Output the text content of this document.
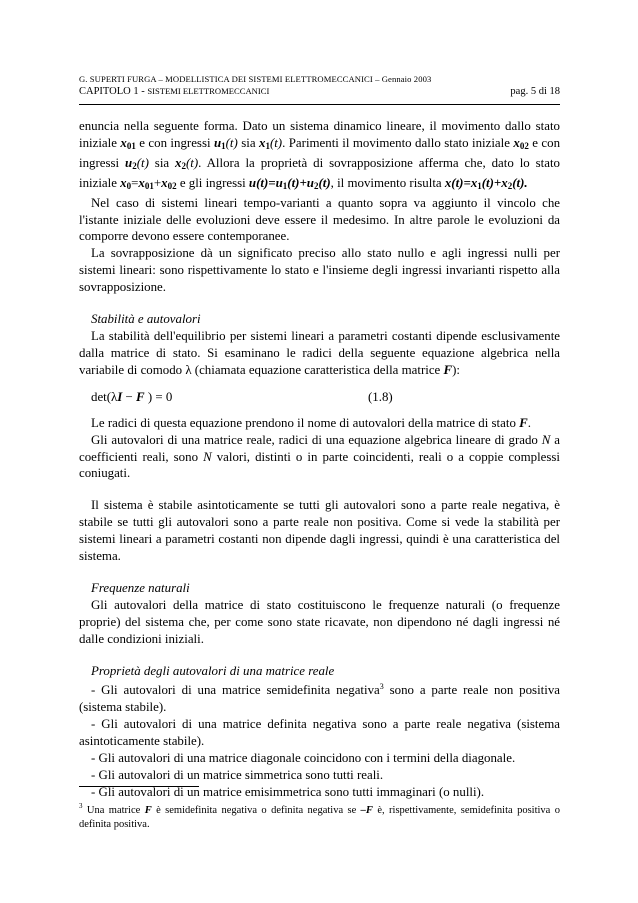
G. SUPERTI FURGA – MODELLISTICA DEI SISTEMI ELETTROMECCANICI – Gennaio 2003
CAPITOLO 1 - SISTEMI ELETTROMECCANICI	pag. 5 di 18

enuncia nella seguente forma. Dato un sistema dinamico lineare, il movimento dallo stato iniziale $x_{01}$ e con ingressi $u_1(t)$ sia $x_1(t)$. Parimenti il movimento dallo stato iniziale $x_{02}$ e con ingressi $u_2(t)$ sia $x_2(t)$. Allora la proprietà di sovrapposizione afferma che, dato lo stato iniziale $x_0=x_{01}+x_{02}$ e gli ingressi $u(t)=u_1(t)+u_2(t)$, il movimento risulta $x(t)=x_1(t)+x_2(t)$.

Nel caso di sistemi lineari tempo-varianti a quanto sopra va aggiunto il vincolo che l'istante iniziale delle evoluzioni deve essere il medesimo. In altre parole le evoluzioni da comporre devono essere contemporanee.

La sovrapposizione dà un significato preciso allo stato nullo e agli ingressi nulli per sistemi lineari: sono rispettivamente lo stato e l'insieme degli ingressi invarianti rispetto alla sovrapposizione.

Stabilità e autovalori

La stabilità dell'equilibrio per sistemi lineari a parametri costanti dipende esclusivamente dalla matrice di stato. Si esaminano le radici della seguente equazione algebrica nella variabile di comodo λ (chiamata equazione caratteristica della matrice F):

det(λI − F ) = 0	(1.8)

Le radici di questa equazione prendono il nome di autovalori della matrice di stato F.

Gli autovalori di una matrice reale, radici di una equazione algebrica lineare di grado N a coefficienti reali, sono N valori, distinti o in parte coincidenti, reali o a coppie complessi coniugati.

Il sistema è stabile asintoticamente se tutti gli autovalori sono a parte reale negativa, è stabile se tutti gli autovalori sono a parte reale non positiva. Come si vede la stabilità per sistemi lineari a parametri costanti non dipende dagli ingressi, quindi è una caratteristica del sistema.

Frequenze naturali

Gli autovalori della matrice di stato costituiscono le frequenze naturali (o frequenze proprie) del sistema che, per come sono state ricavate, non dipendono né dagli ingressi né dalle condizioni iniziali.

Proprietà degli autovalori di una matrice reale

- Gli autovalori di una matrice semidefinita negativa$^3$ sono a parte reale non positiva (sistema stabile).

- Gli autovalori di una matrice definita negativa sono a parte reale negativa (sistema asintoticamente stabile).

- Gli autovalori di una matrice diagonale coincidono con i termini della diagonale.

- Gli autovalori di un matrice simmetrica sono tutti reali.

- Gli autovalori di un matrice emisimmetrica sono tutti immaginari (o nulli).

$^3$ Una matrice F è semidefinita negativa o definita negativa se –F è, rispettivamente, semidefinita positiva o definita positiva.
